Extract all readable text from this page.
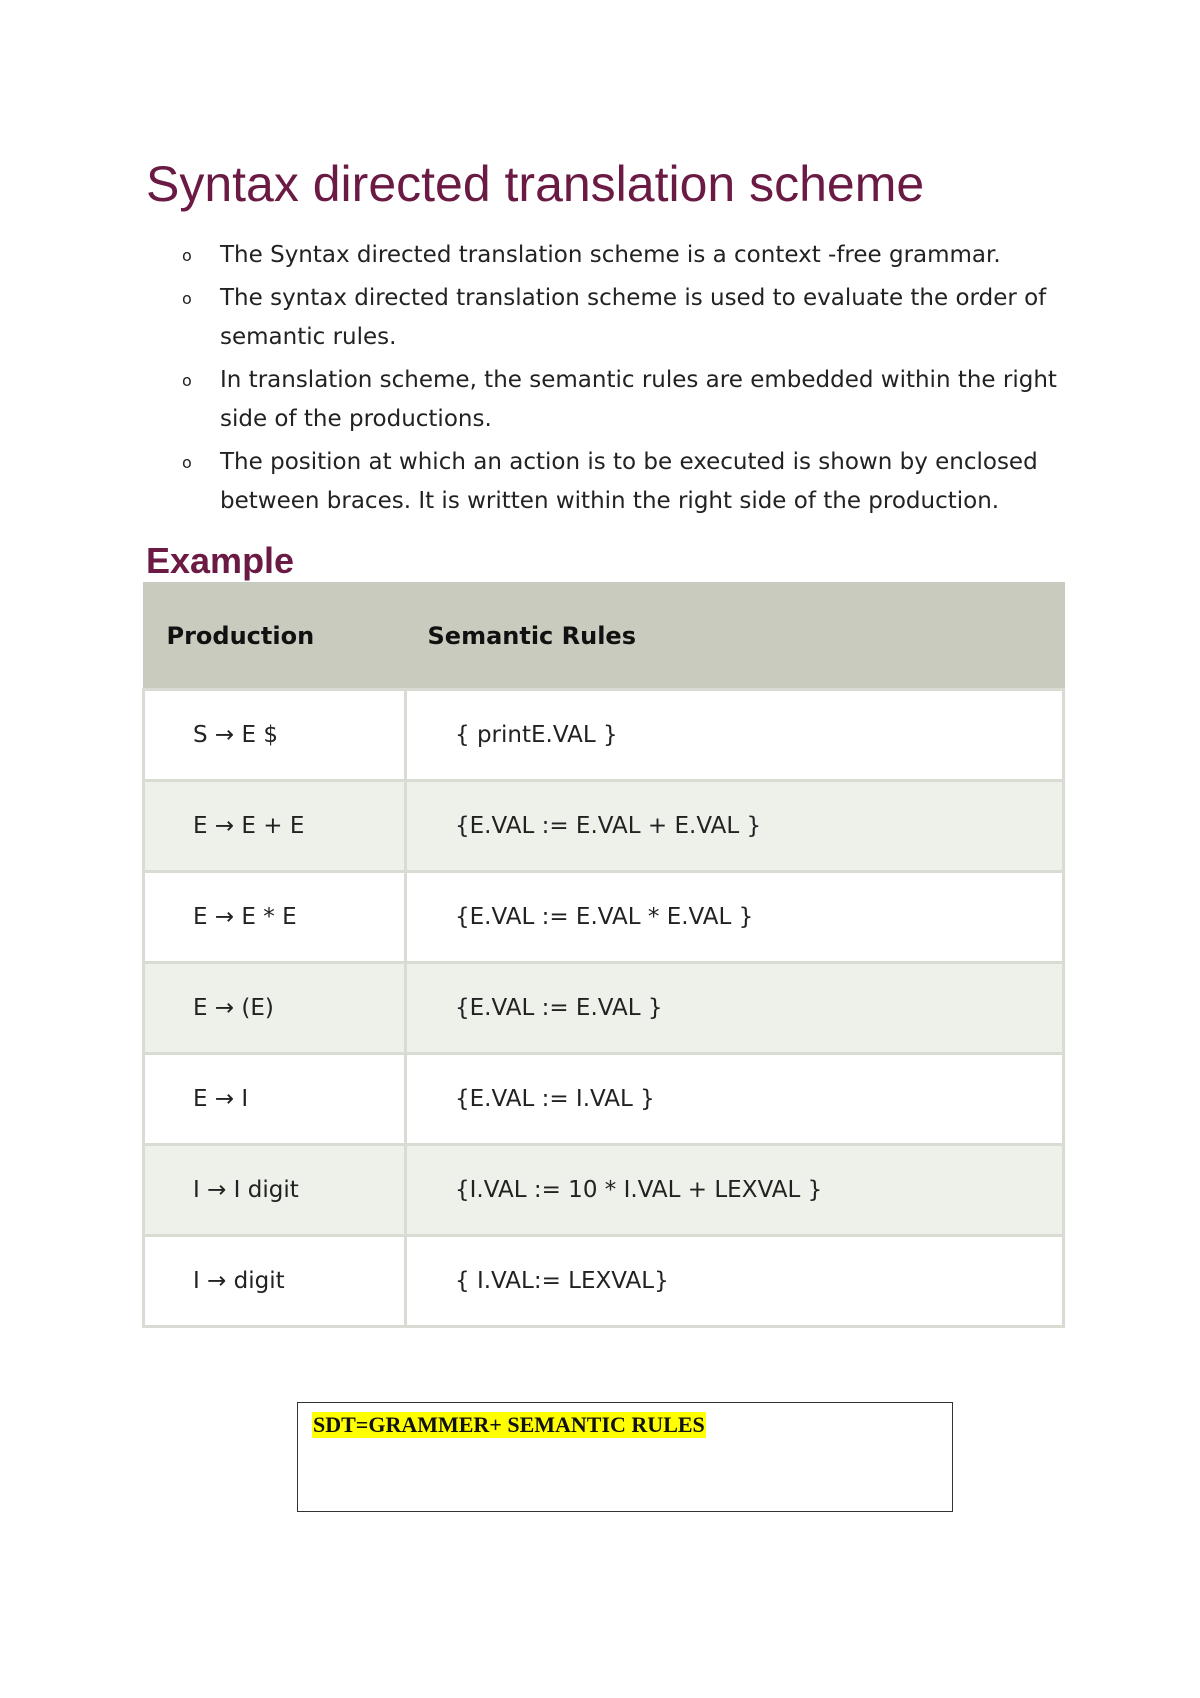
Syntax directed translation scheme
o The Syntax directed translation scheme is a context -free grammar.
o The syntax directed translation scheme is used to evaluate the order of semantic rules.
o In translation scheme, the semantic rules are embedded within the right side of the productions.
o The position at which an action is to be executed is shown by enclosed between braces. It is written within the right side of the production.
Example
Production	Semantic Rules
S → E $	{ printE.VAL }
E → E + E	{E.VAL := E.VAL + E.VAL }
E → E * E	{E.VAL := E.VAL * E.VAL }
E → (E)	{E.VAL := E.VAL }
E → I	{E.VAL := I.VAL }
I → I digit	{I.VAL := 10 * I.VAL + LEXVAL }
I → digit	{ I.VAL:= LEXVAL}
SDT=GRAMMER+ SEMANTIC RULES
